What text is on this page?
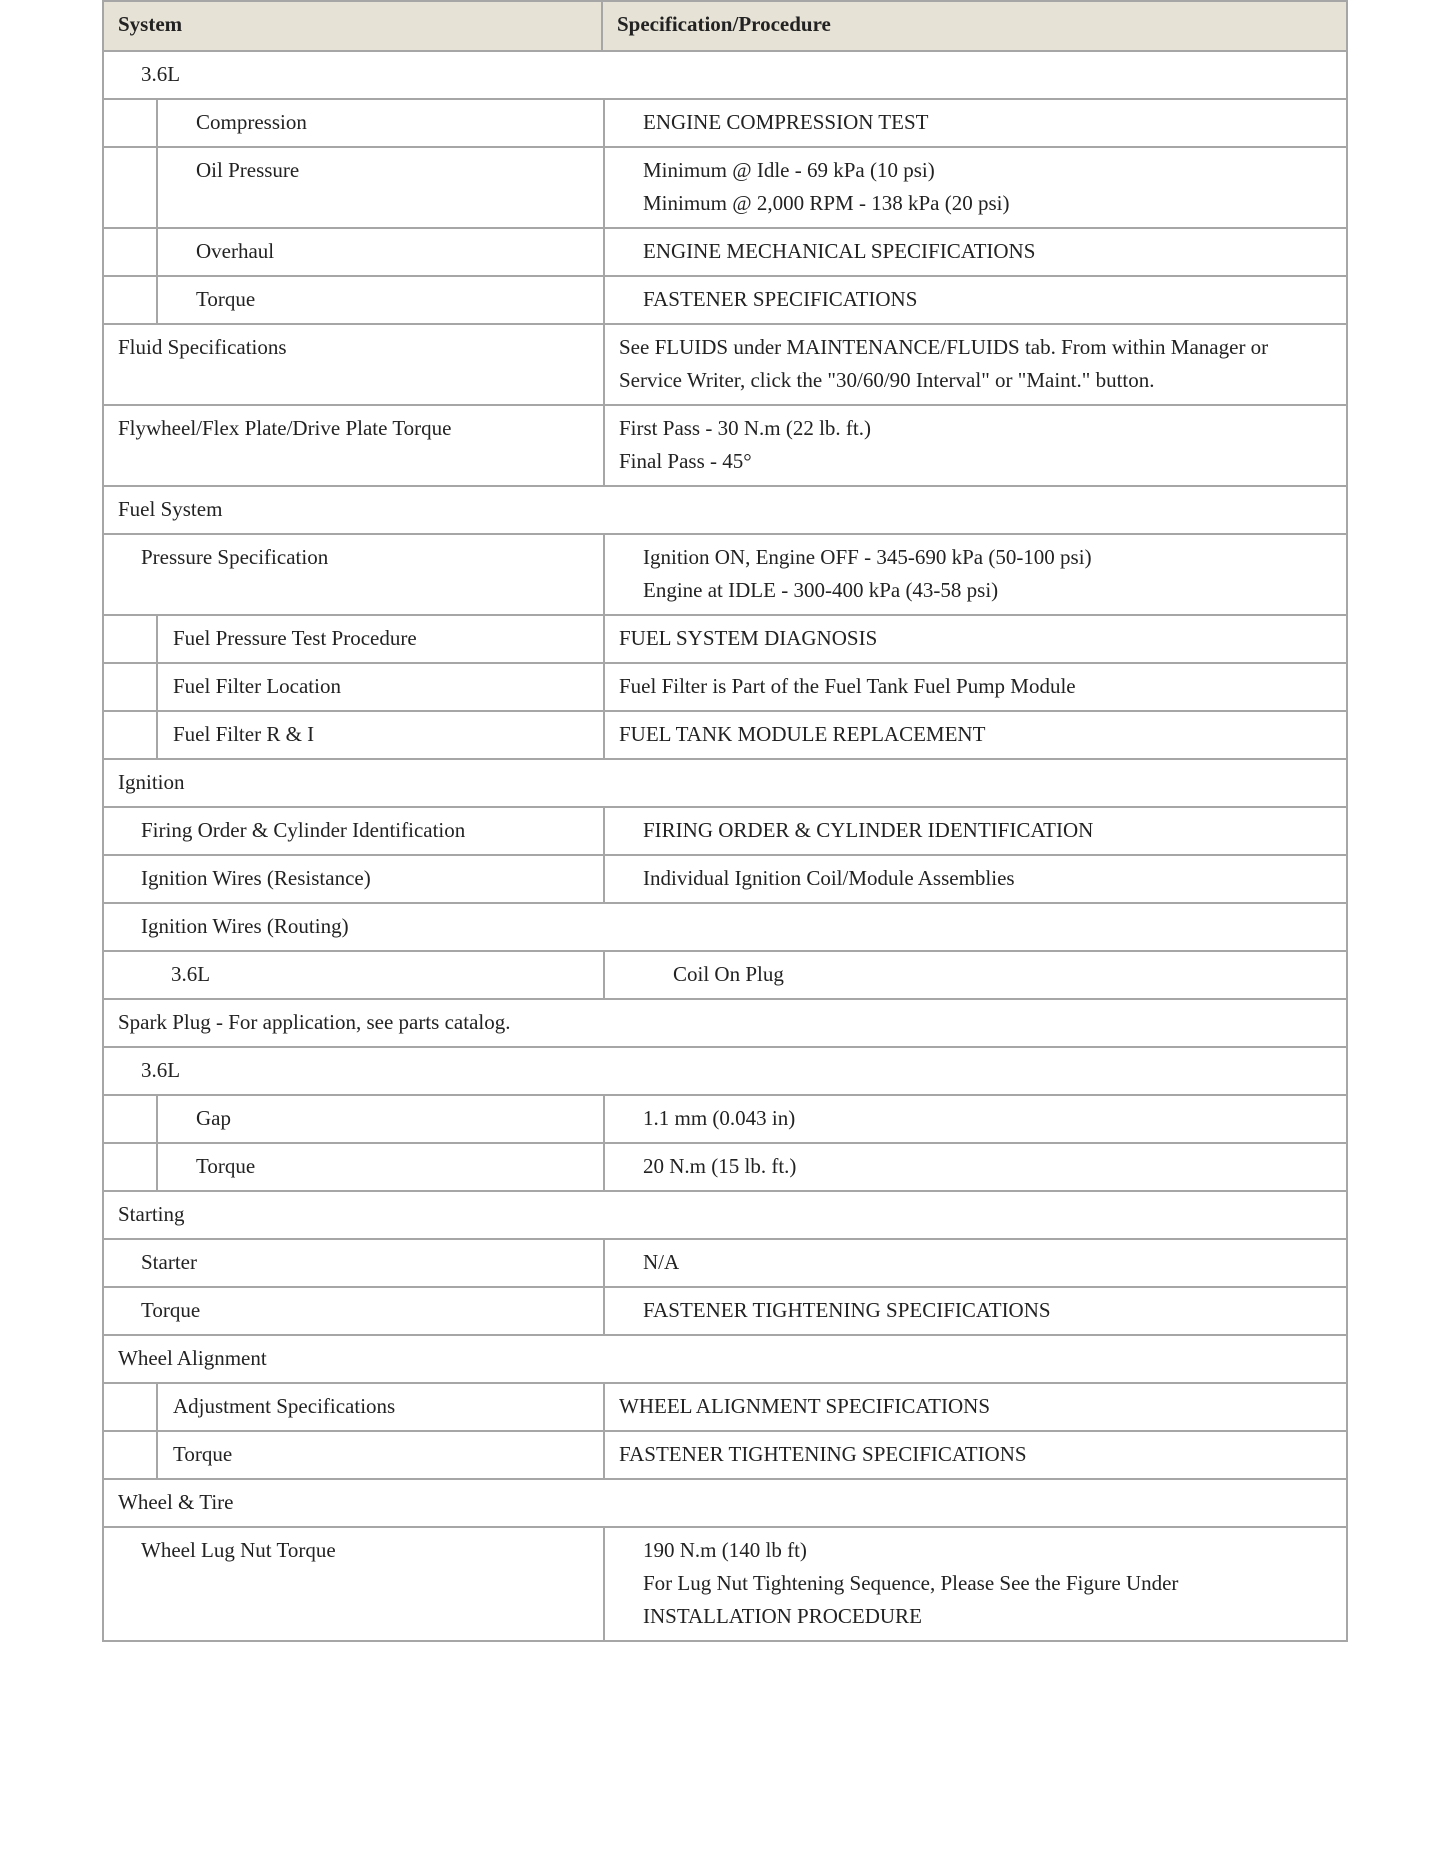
System	Specification/Procedure
3.6L
Compression	ENGINE COMPRESSION TEST
Oil Pressure	Minimum @ Idle - 69 kPa (10 psi)
Minimum @ 2,000 RPM - 138 kPa (20 psi)
Overhaul	ENGINE MECHANICAL SPECIFICATIONS
Torque	FASTENER SPECIFICATIONS
Fluid Specifications	See FLUIDS under MAINTENANCE/FLUIDS tab. From within Manager or
Service Writer, click the "30/60/90 Interval" or "Maint." button.
Flywheel/Flex Plate/Drive Plate Torque	First Pass - 30 N.m (22 lb. ft.)
Final Pass - 45°
Fuel System
Pressure Specification	Ignition ON, Engine OFF - 345-690 kPa (50-100 psi)
Engine at IDLE - 300-400 kPa (43-58 psi)
Fuel Pressure Test Procedure	FUEL SYSTEM DIAGNOSIS
Fuel Filter Location	Fuel Filter is Part of the Fuel Tank Fuel Pump Module
Fuel Filter R & I	FUEL TANK MODULE REPLACEMENT
Ignition
Firing Order & Cylinder Identification	FIRING ORDER & CYLINDER IDENTIFICATION
Ignition Wires (Resistance)	Individual Ignition Coil/Module Assemblies
Ignition Wires (Routing)
3.6L	Coil On Plug
Spark Plug - For application, see parts catalog.
3.6L
Gap	1.1 mm (0.043 in)
Torque	20 N.m (15 lb. ft.)
Starting
Starter	N/A
Torque	FASTENER TIGHTENING SPECIFICATIONS
Wheel Alignment
Adjustment Specifications	WHEEL ALIGNMENT SPECIFICATIONS
Torque	FASTENER TIGHTENING SPECIFICATIONS
Wheel & Tire
Wheel Lug Nut Torque	190 N.m (140 lb ft)
For Lug Nut Tightening Sequence, Please See the Figure Under
INSTALLATION PROCEDURE
